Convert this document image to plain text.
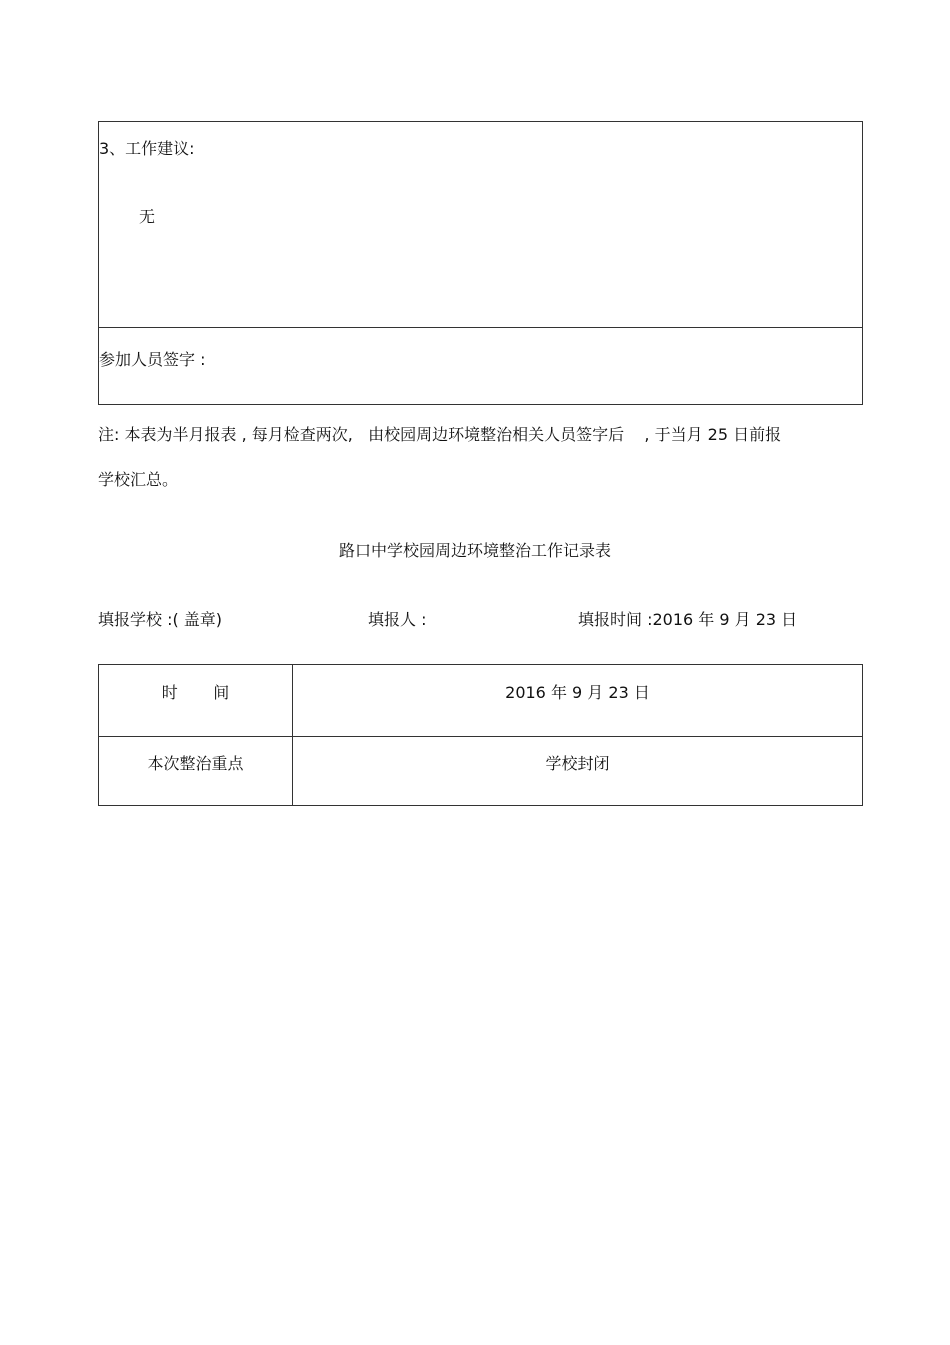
3、工作建议:
无
参加人员签字 :
注: 本表为半月报表 , 每月检查两次,   由校园周边环境整治相关人员签字后    , 于当月 25 日前报
学校汇总。
路口中学校园周边环境整治工作记录表
填报学校 :( 盖章)	填报人 :	填报时间 :2016 年 9 月 23 日
时       间	2016 年 9 月 23 日
本次整治重点	学校封闭
